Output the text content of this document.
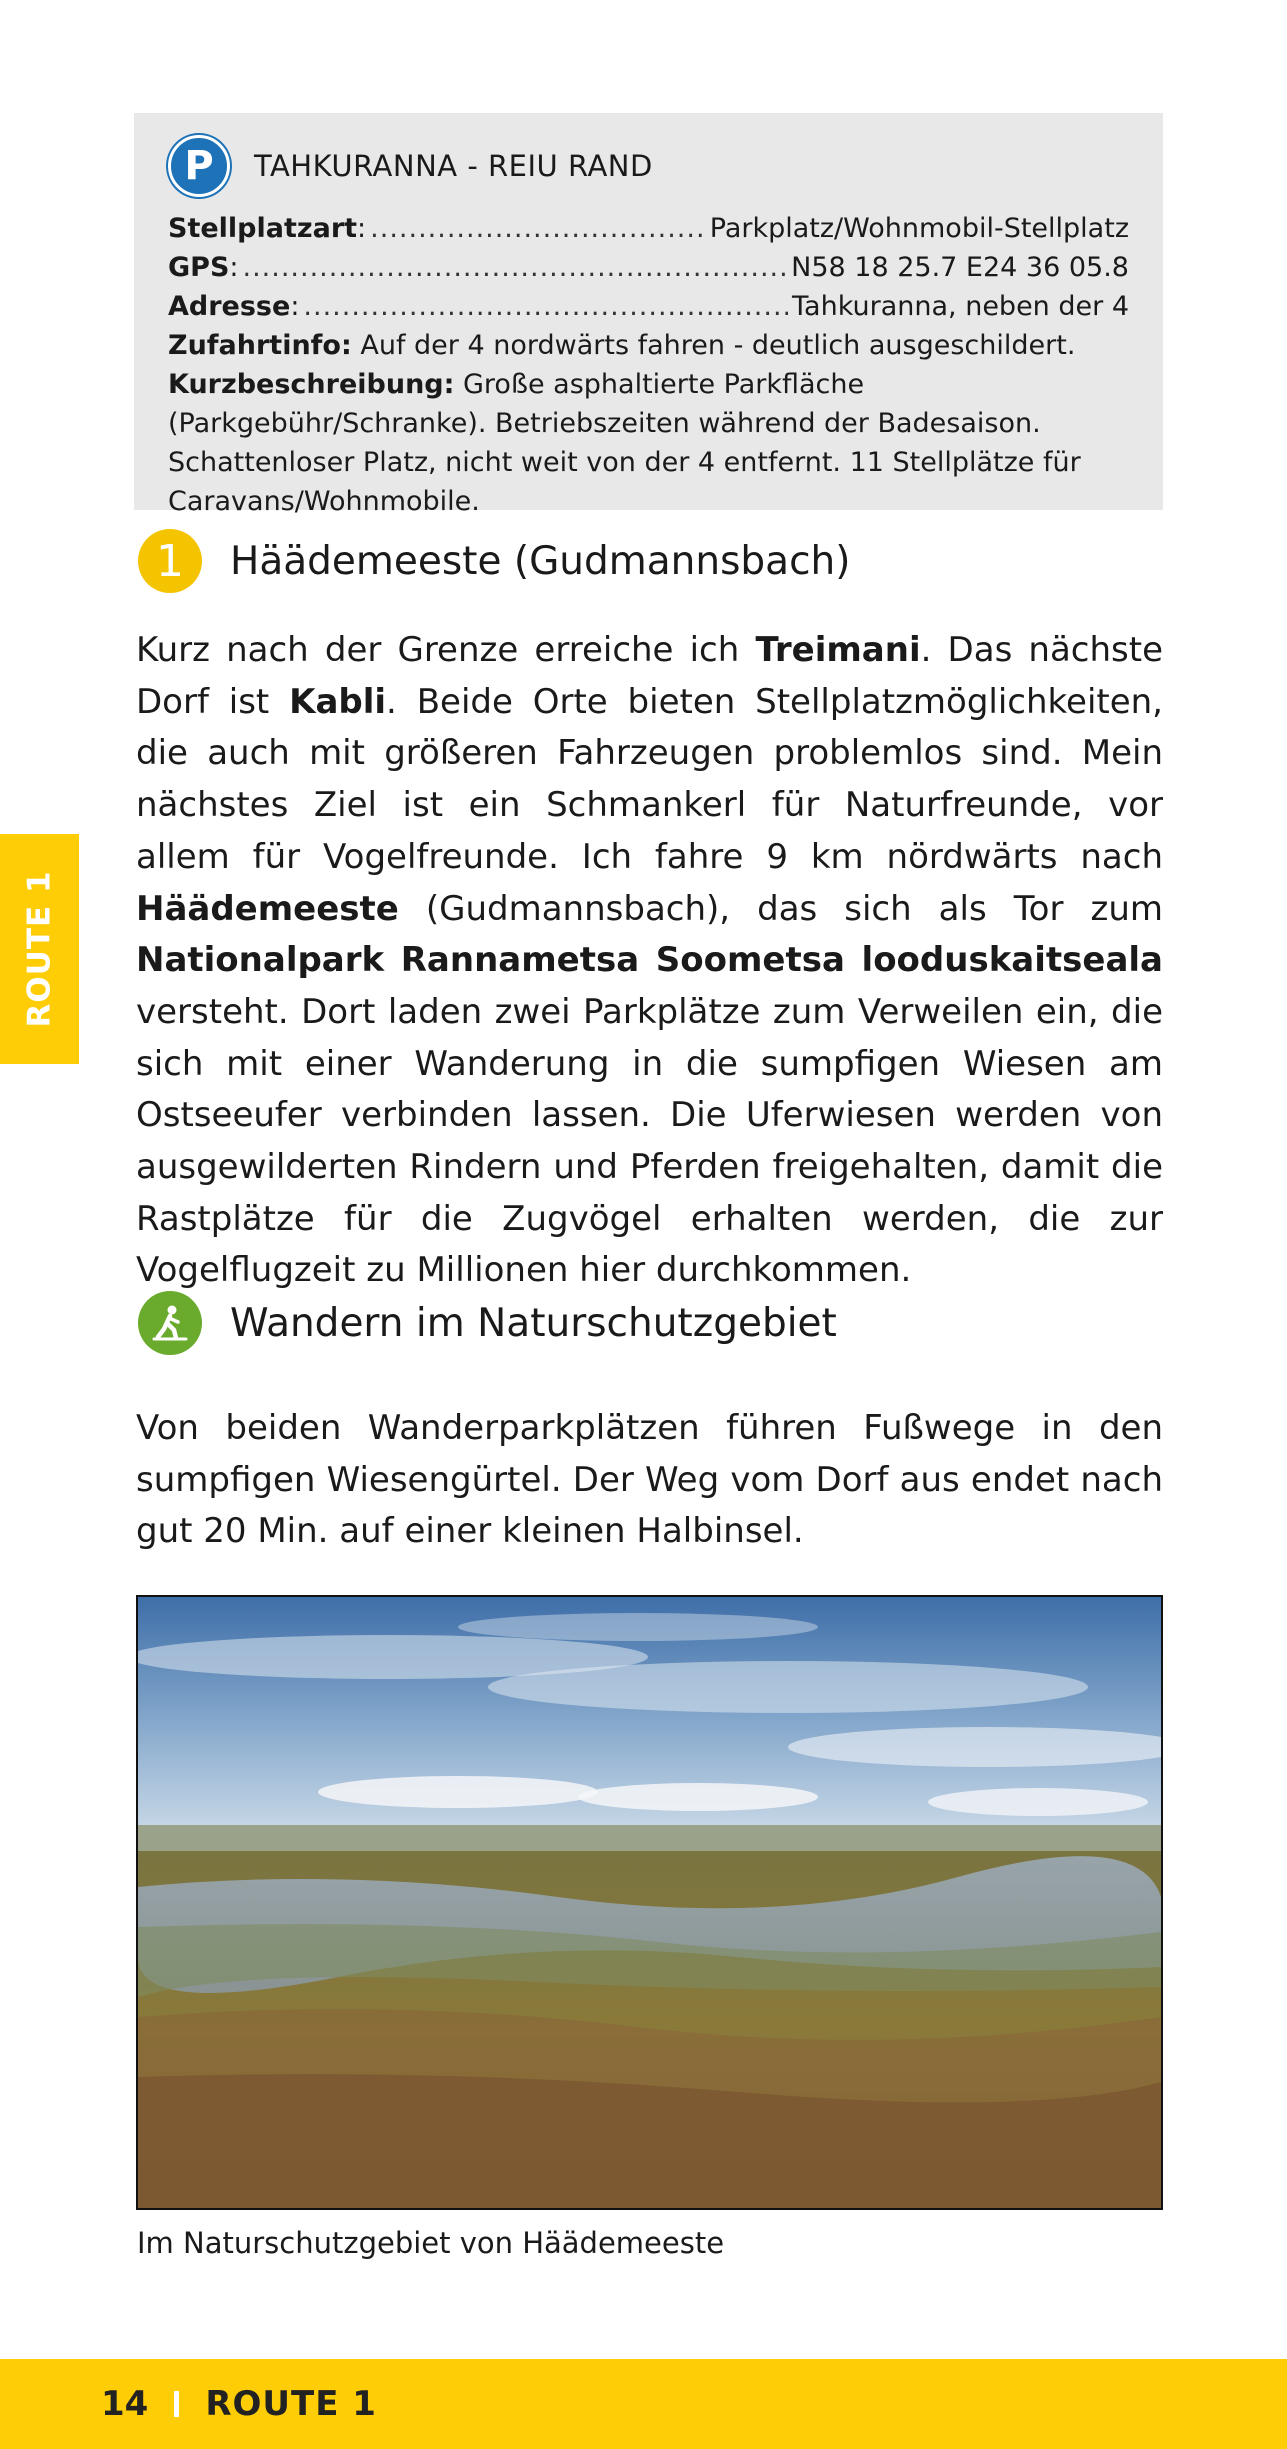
P TAHKURANNA - REIU RAND
Stellplatzart : .....	Parkplatz/Wohnmobil-Stellplatz
GPS : .....	N58 18 25.7 E24 36 05.8
Adresse : .....	Tahkuranna, neben der 4
Zufahrtinfo: Auf der 4 nordwärts fahren - deutlich ausgeschildert.
Kurzbeschreibung: Große asphaltierte Parkfläche (Parkgebühr/Schranke). Betriebszeiten während der Badesaison. Schattenloser Platz, nicht weit von der 4 entfernt. 11 Stellplätze für Caravans/Wohnmobile.
1 Häädemeeste (Gudmannsbach)
Kurz nach der Grenze erreiche ich Treimani. Das nächste Dorf ist Kabli. Beide Orte bieten Stellplatzmöglichkeiten, die auch mit größeren Fahrzeugen problemlos sind. Mein nächstes Ziel ist ein Schmankerl für Naturfreunde, vor allem für Vogelfreunde. Ich fahre 9 km nördwärts nach Häädemeeste (Gudmannsbach), das sich als Tor zum Nationalpark Rannametsa Soometsa looduskaitseala versteht. Dort laden zwei Parkplätze zum Verweilen ein, die sich mit einer Wanderung in die sumpfigen Wiesen am Ostseeufer verbinden lassen. Die Uferwiesen werden von ausgewilderten Rindern und Pferden freigehalten, damit die Rastplätze für die Zugvögel erhalten werden, die zur Vogelflugzeit zu Millionen hier durchkommen.
ROUTE 1
Wandern im Naturschutzgebiet
Von beiden Wanderparkplätzen führen Fußwege in den sumpfigen Wiesengürtel. Der Weg vom Dorf aus endet nach gut 20 Min. auf einer kleinen Halbinsel.
Im Naturschutzgebiet von Häädemeeste
14 ROUTE 1
